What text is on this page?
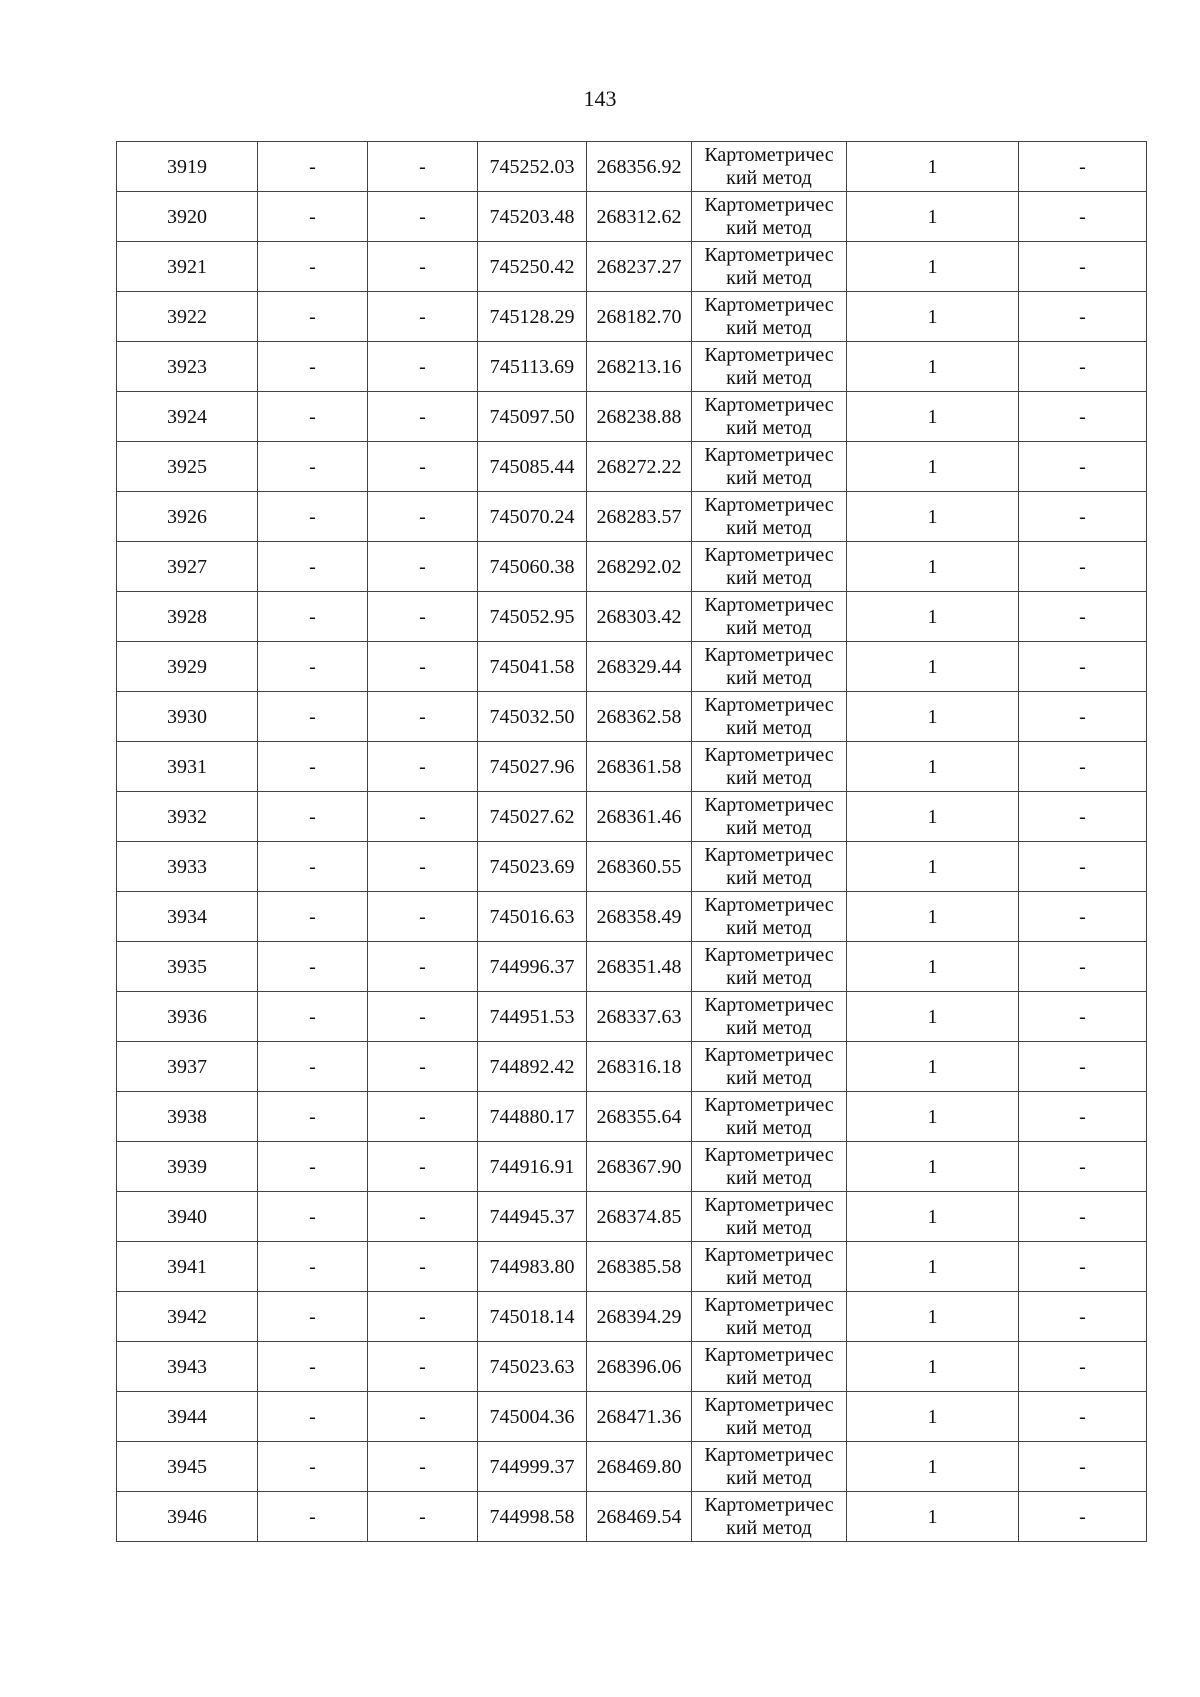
143
3919	-	-	745252.03	268356.92	Картометричес
кий метод	1	-
3920	-	-	745203.48	268312.62	Картометричес
кий метод	1	-
3921	-	-	745250.42	268237.27	Картометричес
кий метод	1	-
3922	-	-	745128.29	268182.70	Картометричес
кий метод	1	-
3923	-	-	745113.69	268213.16	Картометричес
кий метод	1	-
3924	-	-	745097.50	268238.88	Картометричес
кий метод	1	-
3925	-	-	745085.44	268272.22	Картометричес
кий метод	1	-
3926	-	-	745070.24	268283.57	Картометричес
кий метод	1	-
3927	-	-	745060.38	268292.02	Картометричес
кий метод	1	-
3928	-	-	745052.95	268303.42	Картометричес
кий метод	1	-
3929	-	-	745041.58	268329.44	Картометричес
кий метод	1	-
3930	-	-	745032.50	268362.58	Картометричес
кий метод	1	-
3931	-	-	745027.96	268361.58	Картометричес
кий метод	1	-
3932	-	-	745027.62	268361.46	Картометричес
кий метод	1	-
3933	-	-	745023.69	268360.55	Картометричес
кий метод	1	-
3934	-	-	745016.63	268358.49	Картометричес
кий метод	1	-
3935	-	-	744996.37	268351.48	Картометричес
кий метод	1	-
3936	-	-	744951.53	268337.63	Картометричес
кий метод	1	-
3937	-	-	744892.42	268316.18	Картометричес
кий метод	1	-
3938	-	-	744880.17	268355.64	Картометричес
кий метод	1	-
3939	-	-	744916.91	268367.90	Картометричес
кий метод	1	-
3940	-	-	744945.37	268374.85	Картометричес
кий метод	1	-
3941	-	-	744983.80	268385.58	Картометричес
кий метод	1	-
3942	-	-	745018.14	268394.29	Картометричес
кий метод	1	-
3943	-	-	745023.63	268396.06	Картометричес
кий метод	1	-
3944	-	-	745004.36	268471.36	Картометричес
кий метод	1	-
3945	-	-	744999.37	268469.80	Картометричес
кий метод	1	-
3946	-	-	744998.58	268469.54	Картометричес
кий метод	1	-
